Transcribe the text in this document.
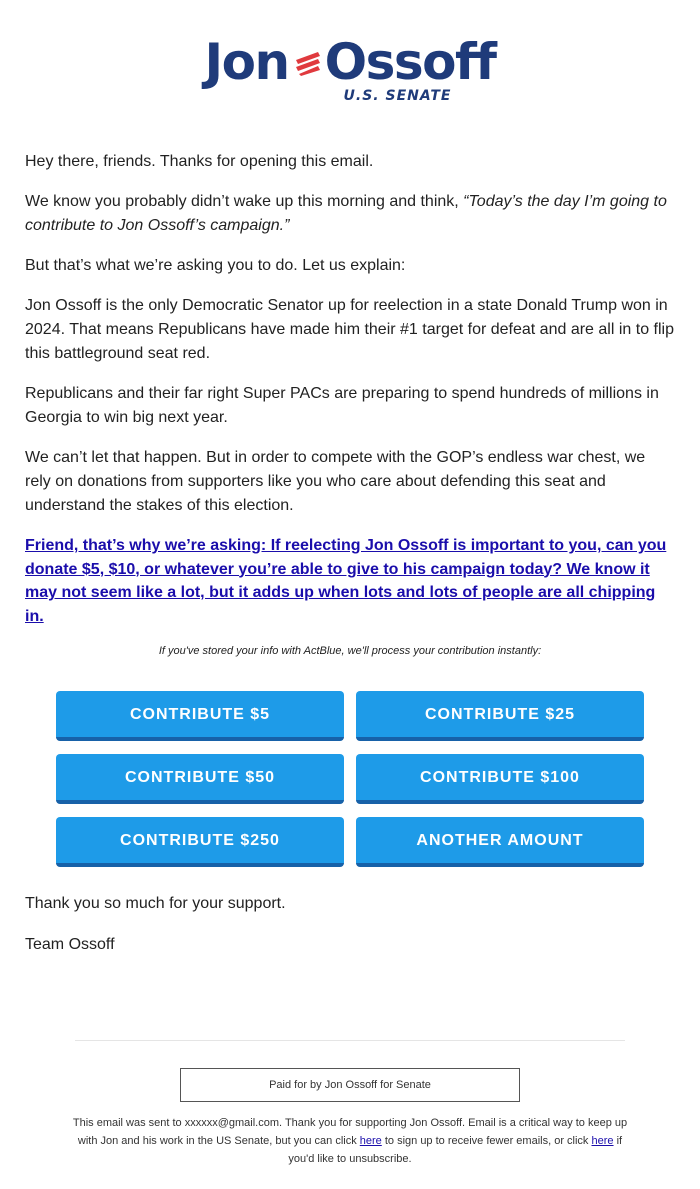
Jon Ossoff
U.S. SENATE

Hey there, friends. Thanks for opening this email.

We know you probably didn’t wake up this morning and think, “Today’s the day I’m going to contribute to Jon Ossoff’s campaign.”

But that’s what we’re asking you to do. Let us explain:

Jon Ossoff is the only Democratic Senator up for reelection in a state Donald Trump won in 2024. That means Republicans have made him their #1 target for defeat and are all in to flip this battleground seat red.

Republicans and their far right Super PACs are preparing to spend hundreds of millions in Georgia to win big next year.

We can’t let that happen. But in order to compete with the GOP’s endless war chest, we rely on donations from supporters like you who care about defending this seat and understand the stakes of this election.

Friend, that’s why we’re asking: If reelecting Jon Ossoff is important to you, can you donate $5, $10, or whatever you’re able to give to his campaign today? We know it may not seem like a lot, but it adds up when lots and lots of people are all chipping in.

If you've stored your info with ActBlue, we'll process your contribution instantly:

CONTRIBUTE $5	CONTRIBUTE $25
CONTRIBUTE $50	CONTRIBUTE $100
CONTRIBUTE $250	ANOTHER AMOUNT

Thank you so much for your support.

Team Ossoff

Paid for by Jon Ossoff for Senate
This email was sent to xxxxxx@gmail.com. Thank you for supporting Jon Ossoff. Email is a critical way to keep up with Jon and his work in the US Senate, but you can click here to sign up to receive fewer emails, or click here if you'd like to unsubscribe.
